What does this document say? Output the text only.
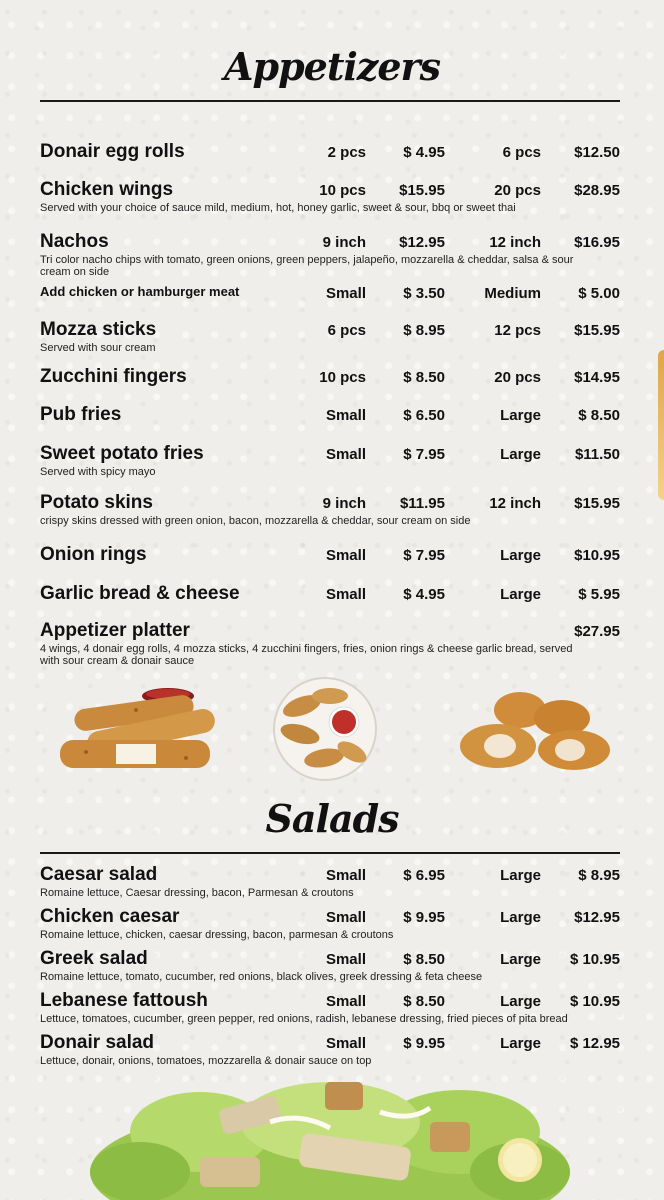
Appetizers
Donair egg rolls	2 pcs $ 4.95	6 pcs $12.50
Chicken wings	10 pcs $15.95	20 pcs $28.95
Served with your choice of sauce mild, medium, hot, honey garlic, sweet & sour, bbq or sweet thai
Nachos	9 inch $12.95	12 inch $16.95
Tri color nacho chips with tomato, green onions, green peppers, jalapeño, mozzarella & cheddar, salsa & sour cream on side
Add chicken or hamburger meat	Small $ 3.50	Medium $ 5.00
Mozza sticks	6 pcs $ 8.95	12 pcs $15.95
Served with sour cream
Zucchini fingers	10 pcs $ 8.50	20 pcs $14.95
Pub fries	Small $ 6.50	Large $ 8.50
Sweet potato fries	Small $ 7.95	Large $11.50
Served with spicy mayo
Potato skins	9 inch $11.95	12 inch $15.95
crispy skins dressed with green onion, bacon, mozzarella & cheddar, sour cream on side
Onion rings	Small $ 7.95	Large $10.95
Garlic bread & cheese	Small $ 4.95	Large $ 5.95
Appetizer platter	$27.95
4 wings, 4 donair egg rolls, 4 mozza sticks, 4 zucchini fingers, fries, onion rings & cheese garlic bread, served with sour cream & donair sauce
Salads
Caesar salad	Small $ 6.95	Large $ 8.95
Romaine lettuce, Caesar dressing, bacon, Parmesan & croutons
Chicken caesar	Small $ 9.95	Large $12.95
Romaine lettuce, chicken, caesar dressing, bacon, parmesan & croutons
Greek salad	Small $ 8.50	Large $ 10.95
Romaine lettuce, tomato, cucumber, red onions, black olives, greek dressing & feta cheese
Lebanese fattoush	Small $ 8.50	Large $ 10.95
Lettuce, tomatoes, cucumber, green pepper, red onions, radish, lebanese dressing, fried pieces of pita bread
Donair salad	Small $ 9.95	Large $ 12.95
Lettuce, donair, onions, tomatoes, mozzarella & donair sauce on top
